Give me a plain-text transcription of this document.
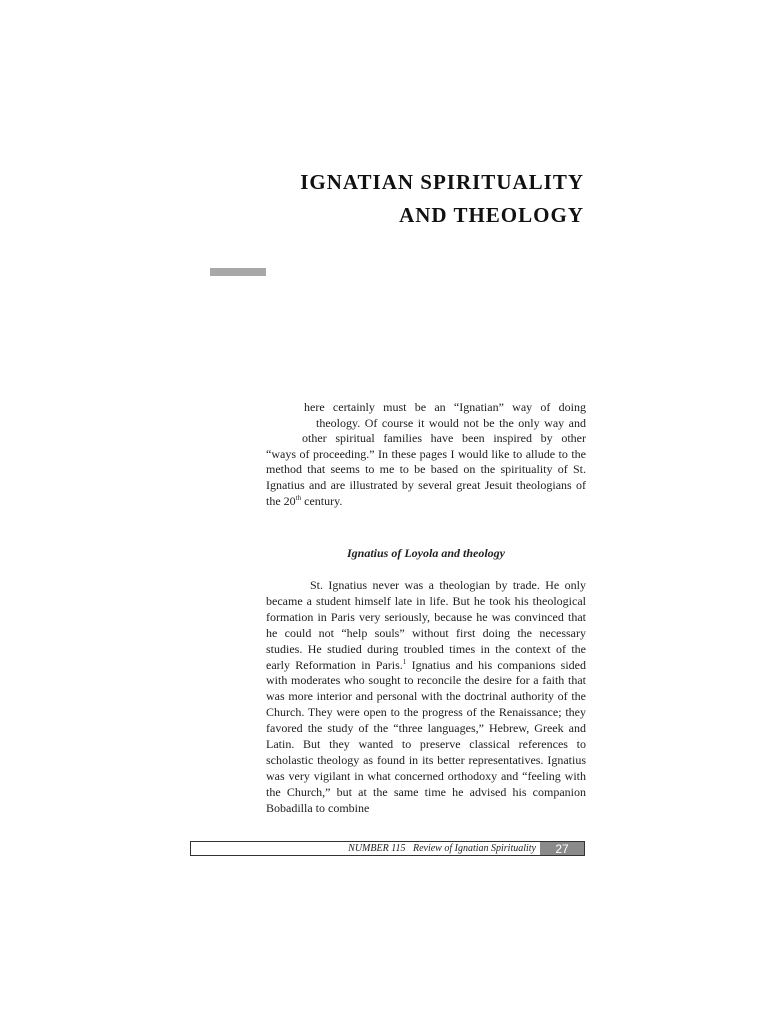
IGNATIAN SPIRITUALITY
AND THEOLOGY
here certainly must be an “Ignatian” way of doing
theology. Of course it would not be the only way and
other spiritual families have been inspired by other
“ways of proceeding.” In these pages I would like to allude to the method that seems to me to be based on the spirituality of St. Ignatius and are illustrated by several great Jesuit theologians of the 20th century.
Ignatius of Loyola and theology
St. Ignatius never was a theologian by trade. He only became a student himself late in life. But he took his theological formation in Paris very seriously, because he was convinced that he could not “help souls” without first doing the necessary studies. He studied during troubled times in the context of the early Reformation in Paris.$^1$ Ignatius and his companions sided with moderates who sought to reconcile the desire for a faith that was more interior and personal with the doctrinal authority of the Church. They were open to the progress of the Renaissance; they favored the study of the “three languages,” Hebrew, Greek and Latin. But they wanted to preserve classical references to scholastic theology as found in its better representatives. Ignatius was very vigilant in what concerned orthodoxy and “feeling with the Church,” but at the same time he advised his companion Bobadilla to combine
NUMBER 115   Review of Ignatian Spirituality	27
